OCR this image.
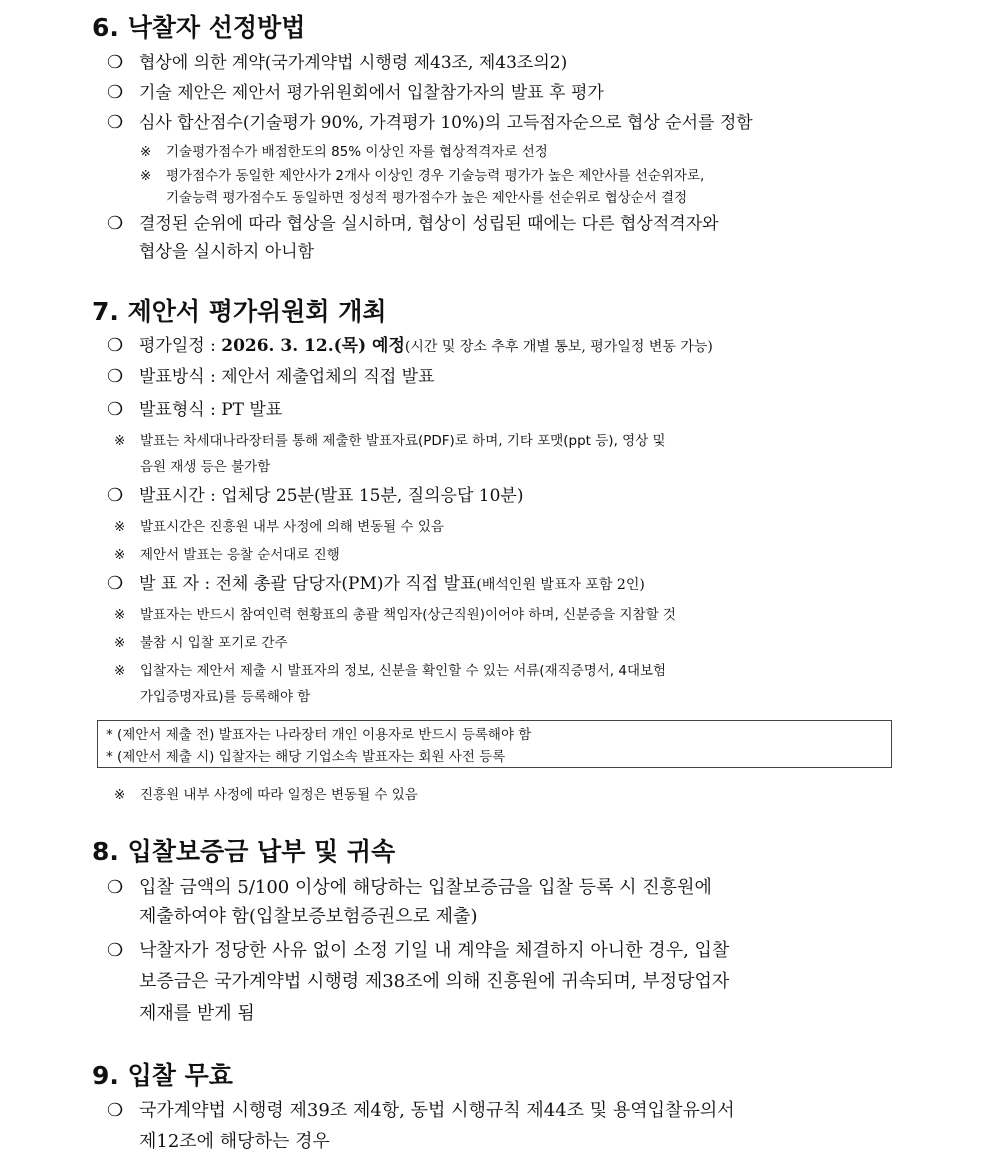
6. 낙찰자 선정방법
❍ 협상에 의한 계약(국가계약법 시행령 제43조, 제43조의2)
❍ 기술 제안은 제안서 평가위원회에서 입찰참가자의 발표 후 평가
❍ 심사 합산점수(기술평가 90%, 가격평가 10%)의 고득점자순으로 협상 순서를 정함
※ 기술평가점수가 배점한도의 85% 이상인 자를 협상적격자로 선정
※ 평가점수가 동일한 제안사가 2개사 이상인 경우 기술능력 평가가 높은 제안사를 선순위자로,
기술능력 평가점수도 동일하면 정성적 평가점수가 높은 제안사를 선순위로 협상순서 결정
❍ 결정된 순위에 따라 협상을 실시하며, 협상이 성립된 때에는 다른 협상적격자와
협상을 실시하지 아니함
7. 제안서 평가위원회 개최
❍ 평가일정 : 2026. 3. 12.(목) 예정(시간 및 장소 추후 개별 통보, 평가일정 변동 가능)
❍ 발표방식 : 제안서 제출업체의 직접 발표
❍ 발표형식 : PT 발표
※ 발표는 차세대나라장터를 통해 제출한 발표자료(PDF)로 하며, 기타 포맷(ppt 등), 영상 및
음원 재생 등은 불가함
❍ 발표시간 : 업체당 25분(발표 15분, 질의응답 10분)
※ 발표시간은 진흥원 내부 사정에 의해 변동될 수 있음
※ 제안서 발표는 응찰 순서대로 진행
❍ 발 표 자 : 전체 총괄 담당자(PM)가 직접 발표(배석인원 발표자 포함 2인)
※ 발표자는 반드시 참여인력 현황표의 총괄 책임자(상근직원)이어야 하며, 신분증을 지참할 것
※ 불참 시 입찰 포기로 간주
※ 입찰자는 제안서 제출 시 발표자의 정보, 신분을 확인할 수 있는 서류(재직증명서, 4대보험
가입증명자료)를 등록해야 함
* (제안서 제출 전) 발표자는 나라장터 개인 이용자로 반드시 등록해야 함
* (제안서 제출 시) 입찰자는 해당 기업소속 발표자는 회원 사전 등록
※ 진흥원 내부 사정에 따라 일정은 변동될 수 있음
8. 입찰보증금 납부 및 귀속
❍ 입찰 금액의 5/100 이상에 해당하는 입찰보증금을 입찰 등록 시 진흥원에
제출하여야 함(입찰보증보험증권으로 제출)
❍ 낙찰자가 정당한 사유 없이 소정 기일 내 계약을 체결하지 아니한 경우, 입찰
보증금은 국가계약법 시행령 제38조에 의해 진흥원에 귀속되며, 부정당업자
제재를 받게 됨
9. 입찰 무효
❍ 국가계약법 시행령 제39조 제4항, 동법 시행규칙 제44조 및 용역입찰유의서
제12조에 해당하는 경우
